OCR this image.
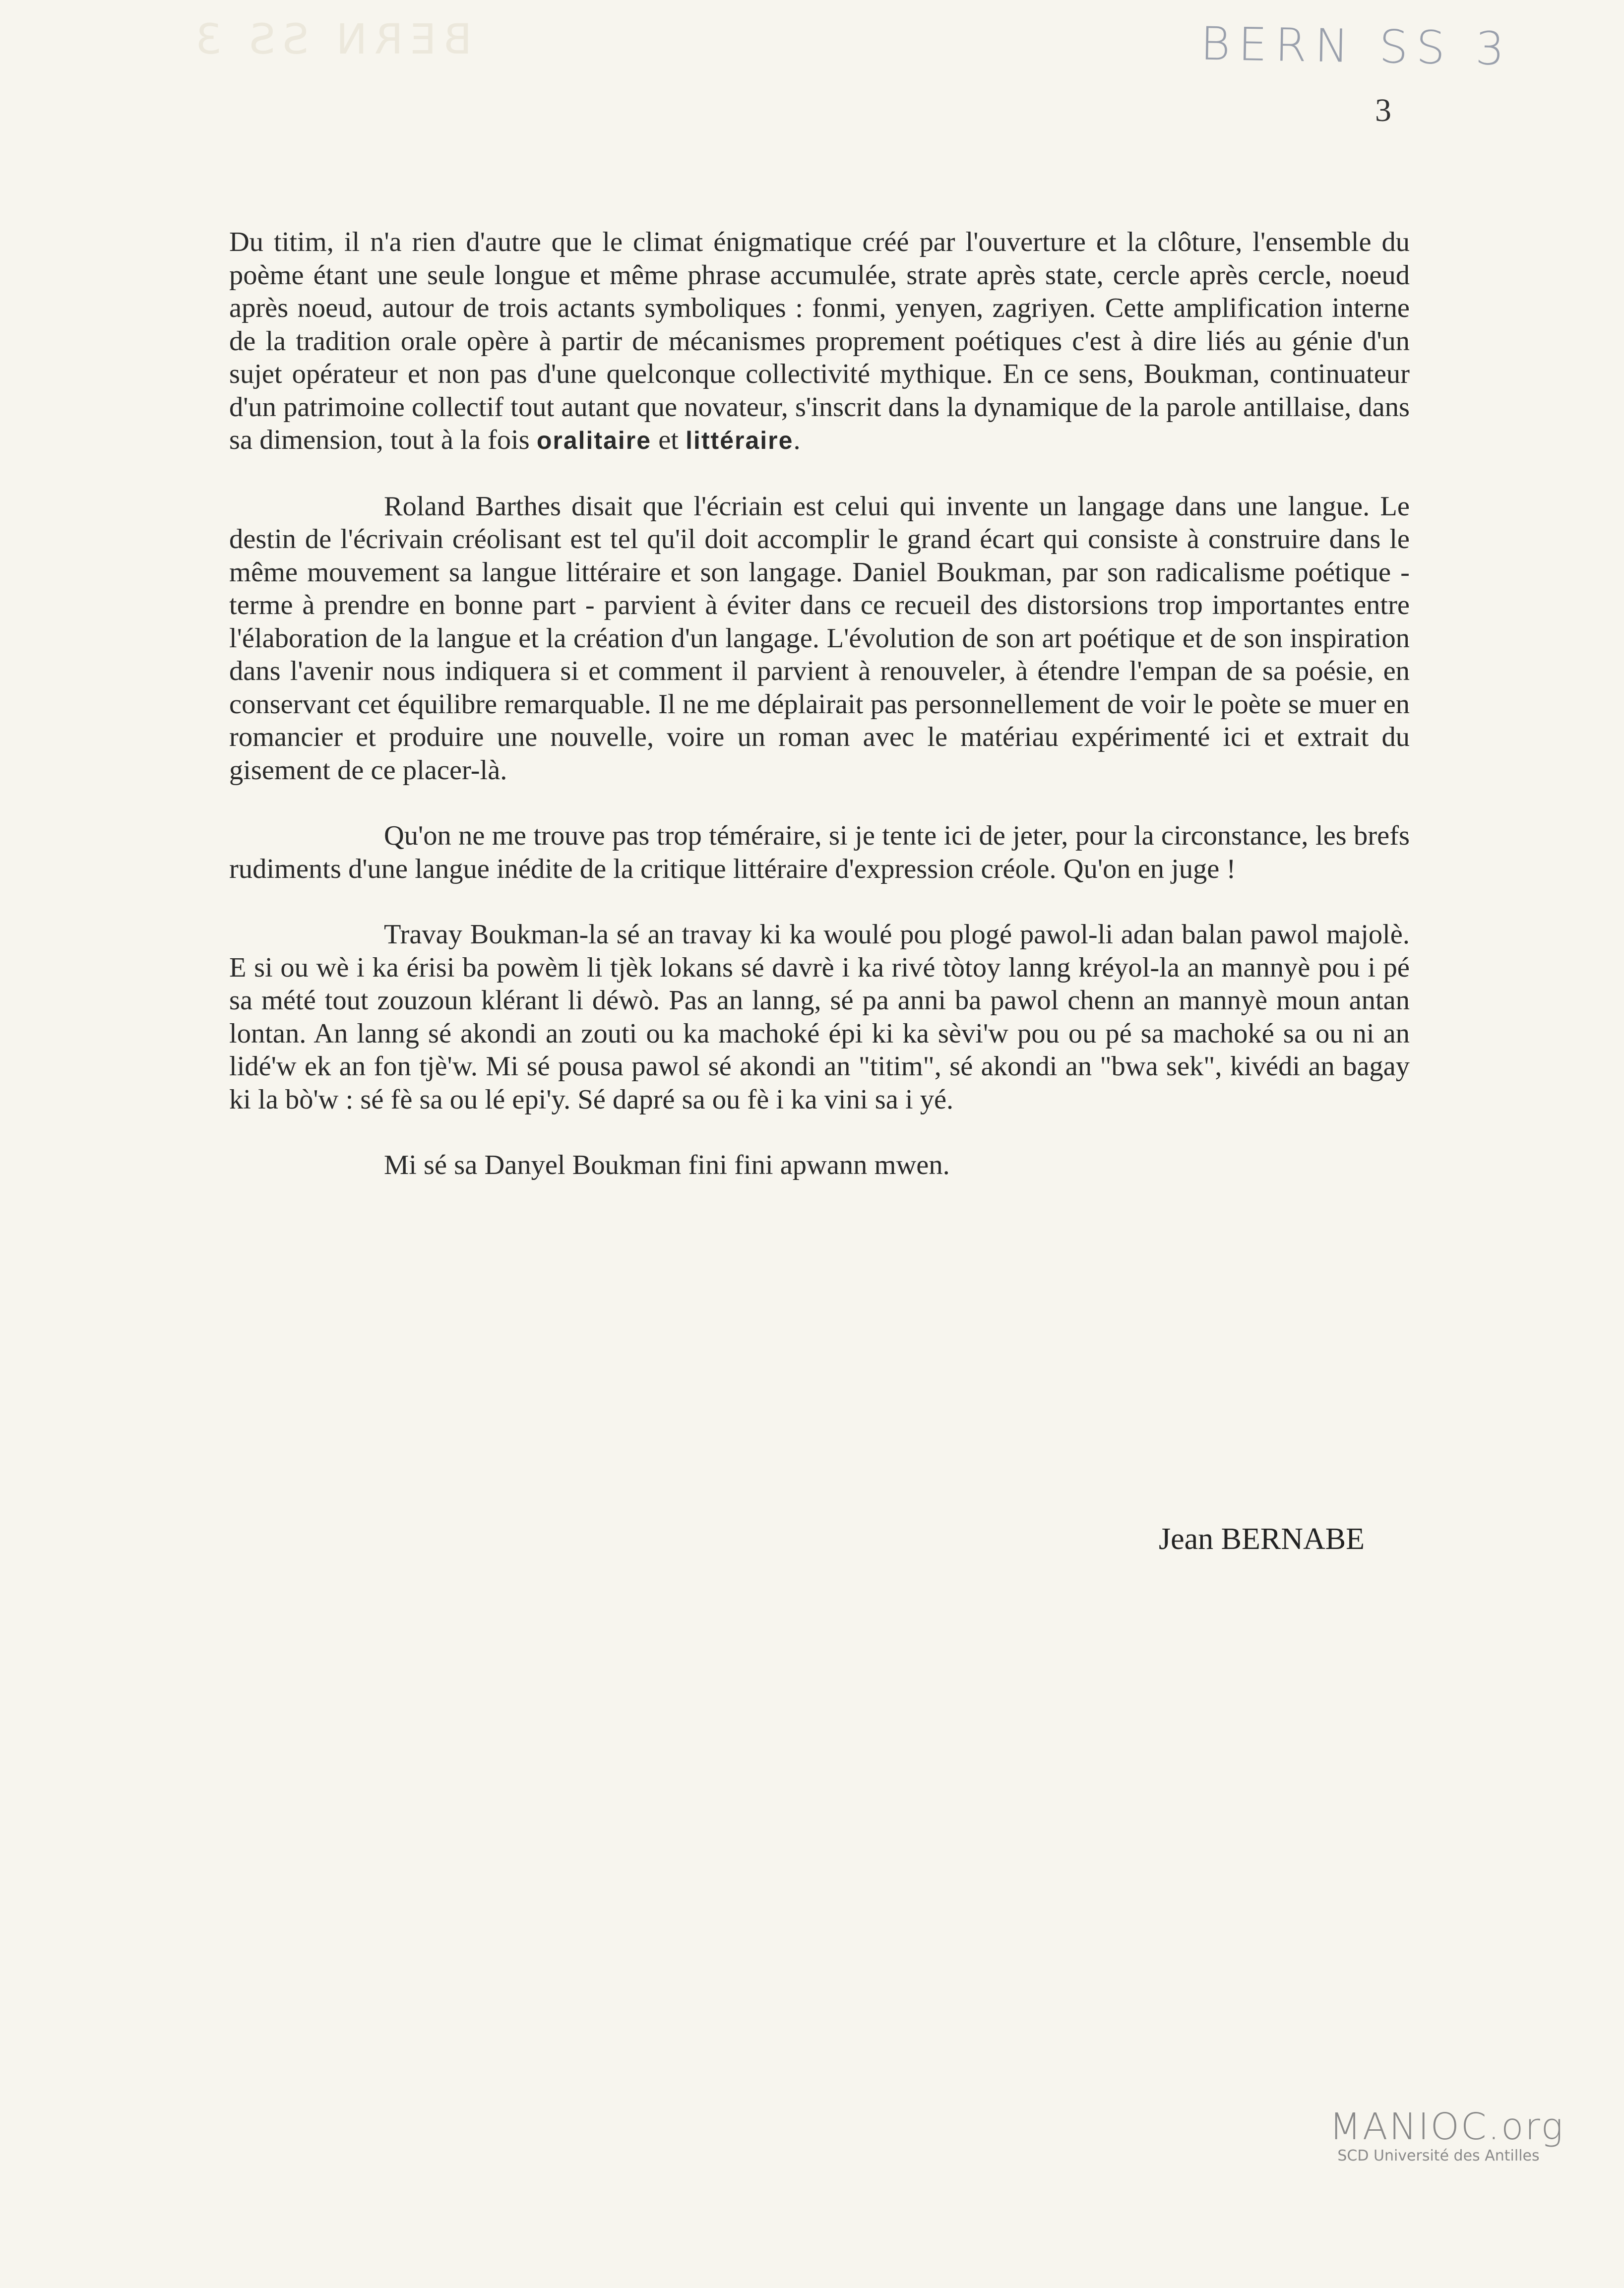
BERN SS 3	BERN SS 3
3

Du titim, il n'a rien d'autre que le climat énigmatique créé par l'ouverture et la clôture, l'ensemble du poème étant une seule longue et même phrase accumulée, strate après state, cercle après cercle, noeud après noeud, autour de trois actants symboliques : fonmi, yenyen, zagriyen. Cette amplification interne de la tradition orale opère à partir de mécanismes proprement poétiques c'est à dire liés au génie d'un sujet opérateur et non pas d'une quelconque collectivité mythique. En ce sens, Boukman, continuateur d'un patrimoine collectif tout autant que novateur, s'inscrit dans la dynamique de la parole antillaise, dans sa dimension, tout à la fois oralitaire et littéraire.

Roland Barthes disait que l'écriain est celui qui invente un langage dans une langue. Le destin de l'écrivain créolisant est tel qu'il doit accomplir le grand écart qui consiste à construire dans le même mouvement sa langue littéraire et son langage. Daniel Boukman, par son radicalisme poétique - terme à prendre en bonne part - parvient à éviter dans ce recueil des distorsions trop importantes entre l'élaboration de la langue et la création d'un langage. L'évolution de son art poétique et de son inspiration dans l'avenir nous indiquera si et comment il parvient à renouveler, à étendre l'empan de sa poésie, en conservant cet équilibre remarquable. Il ne me déplairait pas personnellement de voir le poète se muer en romancier et produire une nouvelle, voire un roman avec le matériau expérimenté ici et extrait du gisement de ce placer-là.

Qu'on ne me trouve pas trop téméraire, si je tente ici de jeter, pour la circonstance, les brefs rudiments d'une langue inédite de la critique littéraire d'expression créole. Qu'on en juge !

Travay Boukman-la sé an travay ki ka woulé pou plogé pawol-li adan balan pawol majolè. E si ou wè i ka érisi ba powèm li tjèk lokans sé davrè i ka rivé tòtoy lanng kréyol-la an mannyè pou i pé sa mété tout zouzoun klérant li déwò. Pas an lanng, sé pa anni ba pawol chenn an mannyè moun antan lontan. An lanng sé akondi an zouti ou ka machoké épi ki ka sèvi'w pou ou pé sa machoké sa ou ni an lidé'w ek an fon tjè'w. Mi sé pousa pawol sé akondi an "titim", sé akondi an "bwa sek", kivédi an bagay ki la bò'w : sé fè sa ou lé epi'y. Sé dapré sa ou fè i ka vini sa i yé.

Mi sé sa Danyel Boukman fini fini apwann mwen.

Jean BERNABE
MANIOC.org
SCD Université des Antilles
